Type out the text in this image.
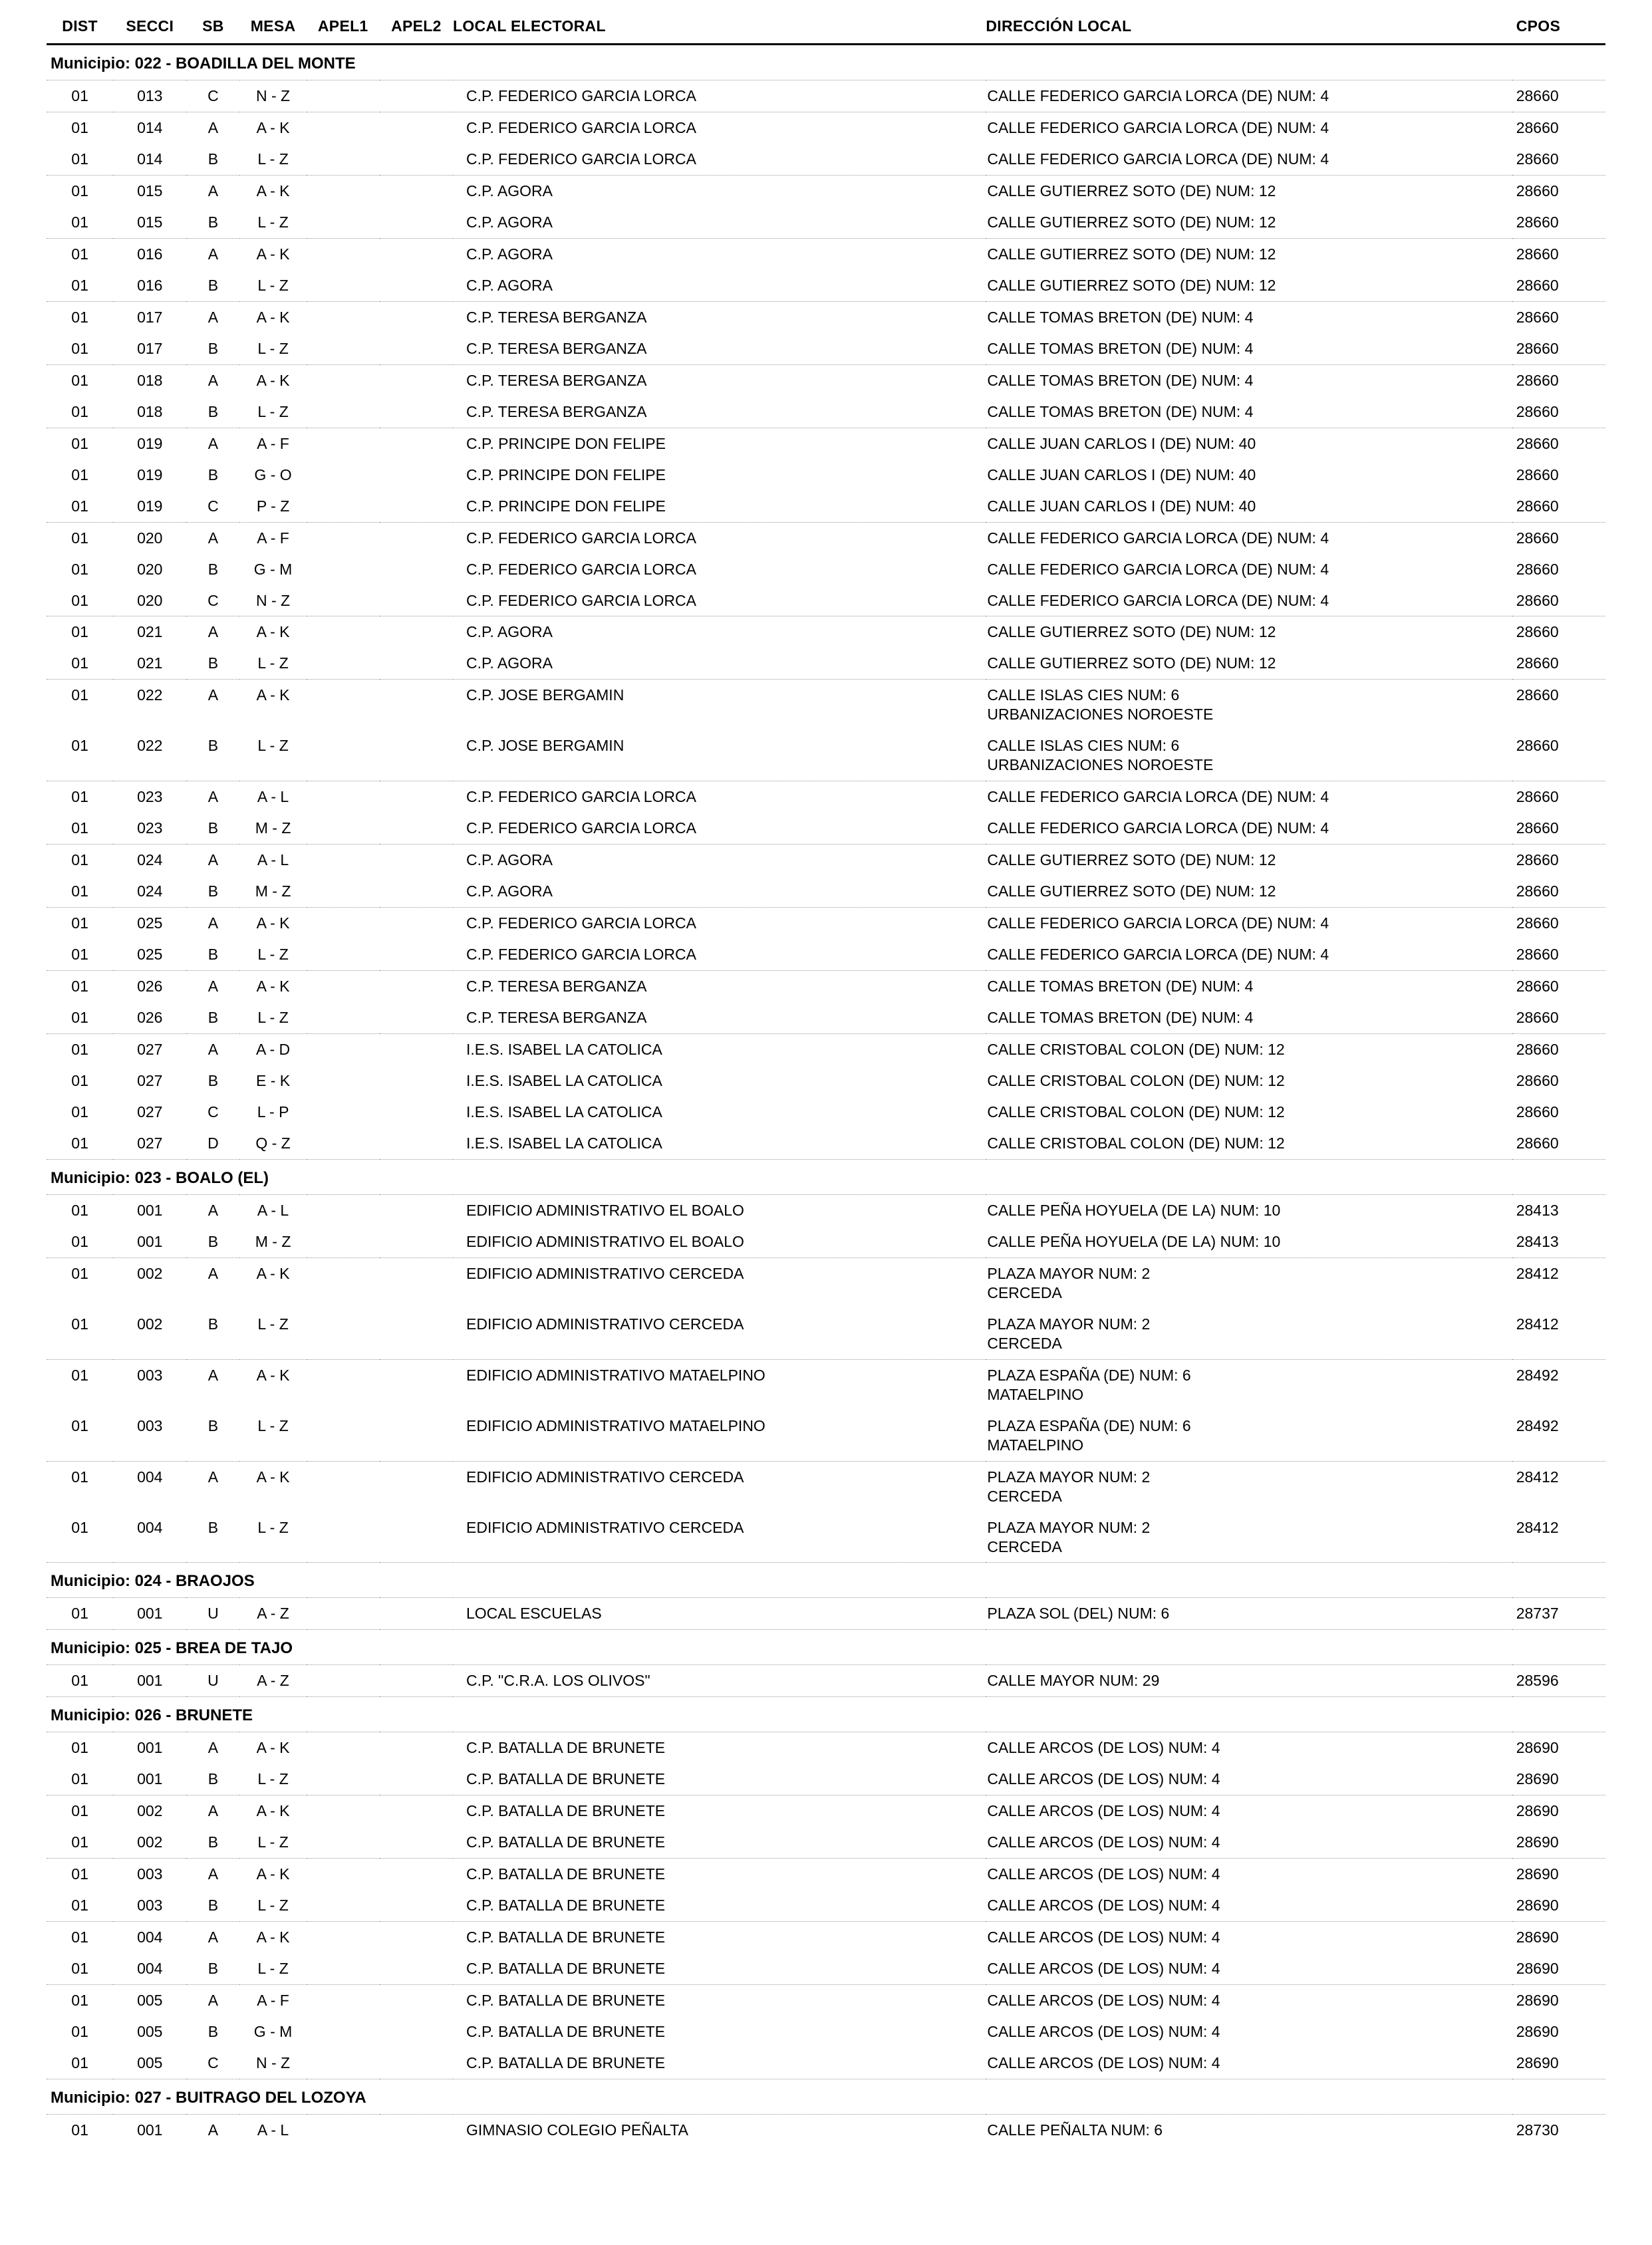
DIST	SECCI	SB	MESA	APEL1	APEL2	LOCAL ELECTORAL	DIRECCIÓN LOCAL	CPOS
Municipio: 022 - BOADILLA DEL MONTE								
01	013	C	N - Z			C.P. FEDERICO GARCIA LORCA	CALLE FEDERICO GARCIA LORCA (DE) NUM: 4	28660
01	014	A	A - K			C.P. FEDERICO GARCIA LORCA	CALLE FEDERICO GARCIA LORCA (DE) NUM: 4	28660
01	014	B	L - Z			C.P. FEDERICO GARCIA LORCA	CALLE FEDERICO GARCIA LORCA (DE) NUM: 4	28660
01	015	A	A - K			C.P. AGORA	CALLE GUTIERREZ SOTO (DE) NUM: 12	28660
01	015	B	L - Z			C.P. AGORA	CALLE GUTIERREZ SOTO (DE) NUM: 12	28660
01	016	A	A - K			C.P. AGORA	CALLE GUTIERREZ SOTO (DE) NUM: 12	28660
01	016	B	L - Z			C.P. AGORA	CALLE GUTIERREZ SOTO (DE) NUM: 12	28660
01	017	A	A - K			C.P. TERESA BERGANZA	CALLE TOMAS BRETON (DE) NUM: 4	28660
01	017	B	L - Z			C.P. TERESA BERGANZA	CALLE TOMAS BRETON (DE) NUM: 4	28660
01	018	A	A - K			C.P. TERESA BERGANZA	CALLE TOMAS BRETON (DE) NUM: 4	28660
01	018	B	L - Z			C.P. TERESA BERGANZA	CALLE TOMAS BRETON (DE) NUM: 4	28660
01	019	A	A - F			C.P. PRINCIPE DON FELIPE	CALLE JUAN CARLOS I (DE) NUM: 40	28660
01	019	B	G - O			C.P. PRINCIPE DON FELIPE	CALLE JUAN CARLOS I (DE) NUM: 40	28660
01	019	C	P - Z			C.P. PRINCIPE DON FELIPE	CALLE JUAN CARLOS I (DE) NUM: 40	28660
01	020	A	A - F			C.P. FEDERICO GARCIA LORCA	CALLE FEDERICO GARCIA LORCA (DE) NUM: 4	28660
01	020	B	G - M			C.P. FEDERICO GARCIA LORCA	CALLE FEDERICO GARCIA LORCA (DE) NUM: 4	28660
01	020	C	N - Z			C.P. FEDERICO GARCIA LORCA	CALLE FEDERICO GARCIA LORCA (DE) NUM: 4	28660
01	021	A	A - K			C.P. AGORA	CALLE GUTIERREZ SOTO (DE) NUM: 12	28660
01	021	B	L - Z			C.P. AGORA	CALLE GUTIERREZ SOTO (DE) NUM: 12	28660
01	022	A	A - K			C.P. JOSE BERGAMIN	CALLE ISLAS CIES NUM: 6
URBANIZACIONES NOROESTE	28660
01	022	B	L - Z			C.P. JOSE BERGAMIN	CALLE ISLAS CIES NUM: 6
URBANIZACIONES NOROESTE	28660
01	023	A	A - L			C.P. FEDERICO GARCIA LORCA	CALLE FEDERICO GARCIA LORCA (DE) NUM: 4	28660
01	023	B	M - Z			C.P. FEDERICO GARCIA LORCA	CALLE FEDERICO GARCIA LORCA (DE) NUM: 4	28660
01	024	A	A - L			C.P. AGORA	CALLE GUTIERREZ SOTO (DE) NUM: 12	28660
01	024	B	M - Z			C.P. AGORA	CALLE GUTIERREZ SOTO (DE) NUM: 12	28660
01	025	A	A - K			C.P. FEDERICO GARCIA LORCA	CALLE FEDERICO GARCIA LORCA (DE) NUM: 4	28660
01	025	B	L - Z			C.P. FEDERICO GARCIA LORCA	CALLE FEDERICO GARCIA LORCA (DE) NUM: 4	28660
01	026	A	A - K			C.P. TERESA BERGANZA	CALLE TOMAS BRETON (DE) NUM: 4	28660
01	026	B	L - Z			C.P. TERESA BERGANZA	CALLE TOMAS BRETON (DE) NUM: 4	28660
01	027	A	A - D			I.E.S. ISABEL LA CATOLICA	CALLE CRISTOBAL COLON (DE) NUM: 12	28660
01	027	B	E - K			I.E.S. ISABEL LA CATOLICA	CALLE CRISTOBAL COLON (DE) NUM: 12	28660
01	027	C	L - P			I.E.S. ISABEL LA CATOLICA	CALLE CRISTOBAL COLON (DE) NUM: 12	28660
01	027	D	Q - Z			I.E.S. ISABEL LA CATOLICA	CALLE CRISTOBAL COLON (DE) NUM: 12	28660
Municipio: 023 - BOALO (EL)								
01	001	A	A - L			EDIFICIO ADMINISTRATIVO EL BOALO	CALLE PEÑA HOYUELA (DE LA) NUM: 10	28413
01	001	B	M - Z			EDIFICIO ADMINISTRATIVO EL BOALO	CALLE PEÑA HOYUELA (DE LA) NUM: 10	28413
01	002	A	A - K			EDIFICIO ADMINISTRATIVO CERCEDA	PLAZA MAYOR NUM: 2
CERCEDA	28412
01	002	B	L - Z			EDIFICIO ADMINISTRATIVO CERCEDA	PLAZA MAYOR NUM: 2
CERCEDA	28412
01	003	A	A - K			EDIFICIO ADMINISTRATIVO MATAELPINO	PLAZA ESPAÑA (DE) NUM: 6
MATAELPINO	28492
01	003	B	L - Z			EDIFICIO ADMINISTRATIVO MATAELPINO	PLAZA ESPAÑA (DE) NUM: 6
MATAELPINO	28492
01	004	A	A - K			EDIFICIO ADMINISTRATIVO CERCEDA	PLAZA MAYOR NUM: 2
CERCEDA	28412
01	004	B	L - Z			EDIFICIO ADMINISTRATIVO CERCEDA	PLAZA MAYOR NUM: 2
CERCEDA	28412
Municipio: 024 - BRAOJOS								
01	001	U	A - Z			LOCAL ESCUELAS	PLAZA SOL (DEL) NUM: 6	28737
Municipio: 025 - BREA DE TAJO								
01	001	U	A - Z			C.P. "C.R.A. LOS OLIVOS"	CALLE MAYOR NUM: 29	28596
Municipio: 026 - BRUNETE								
01	001	A	A - K			C.P. BATALLA DE BRUNETE	CALLE ARCOS (DE LOS) NUM: 4	28690
01	001	B	L - Z			C.P. BATALLA DE BRUNETE	CALLE ARCOS (DE LOS) NUM: 4	28690
01	002	A	A - K			C.P. BATALLA DE BRUNETE	CALLE ARCOS (DE LOS) NUM: 4	28690
01	002	B	L - Z			C.P. BATALLA DE BRUNETE	CALLE ARCOS (DE LOS) NUM: 4	28690
01	003	A	A - K			C.P. BATALLA DE BRUNETE	CALLE ARCOS (DE LOS) NUM: 4	28690
01	003	B	L - Z			C.P. BATALLA DE BRUNETE	CALLE ARCOS (DE LOS) NUM: 4	28690
01	004	A	A - K			C.P. BATALLA DE BRUNETE	CALLE ARCOS (DE LOS) NUM: 4	28690
01	004	B	L - Z			C.P. BATALLA DE BRUNETE	CALLE ARCOS (DE LOS) NUM: 4	28690
01	005	A	A - F			C.P. BATALLA DE BRUNETE	CALLE ARCOS (DE LOS) NUM: 4	28690
01	005	B	G - M			C.P. BATALLA DE BRUNETE	CALLE ARCOS (DE LOS) NUM: 4	28690
01	005	C	N - Z			C.P. BATALLA DE BRUNETE	CALLE ARCOS (DE LOS) NUM: 4	28690
Municipio: 027 - BUITRAGO DEL LOZOYA								
01	001	A	A - L			GIMNASIO COLEGIO PEÑALTA	CALLE PEÑALTA NUM: 6	28730
